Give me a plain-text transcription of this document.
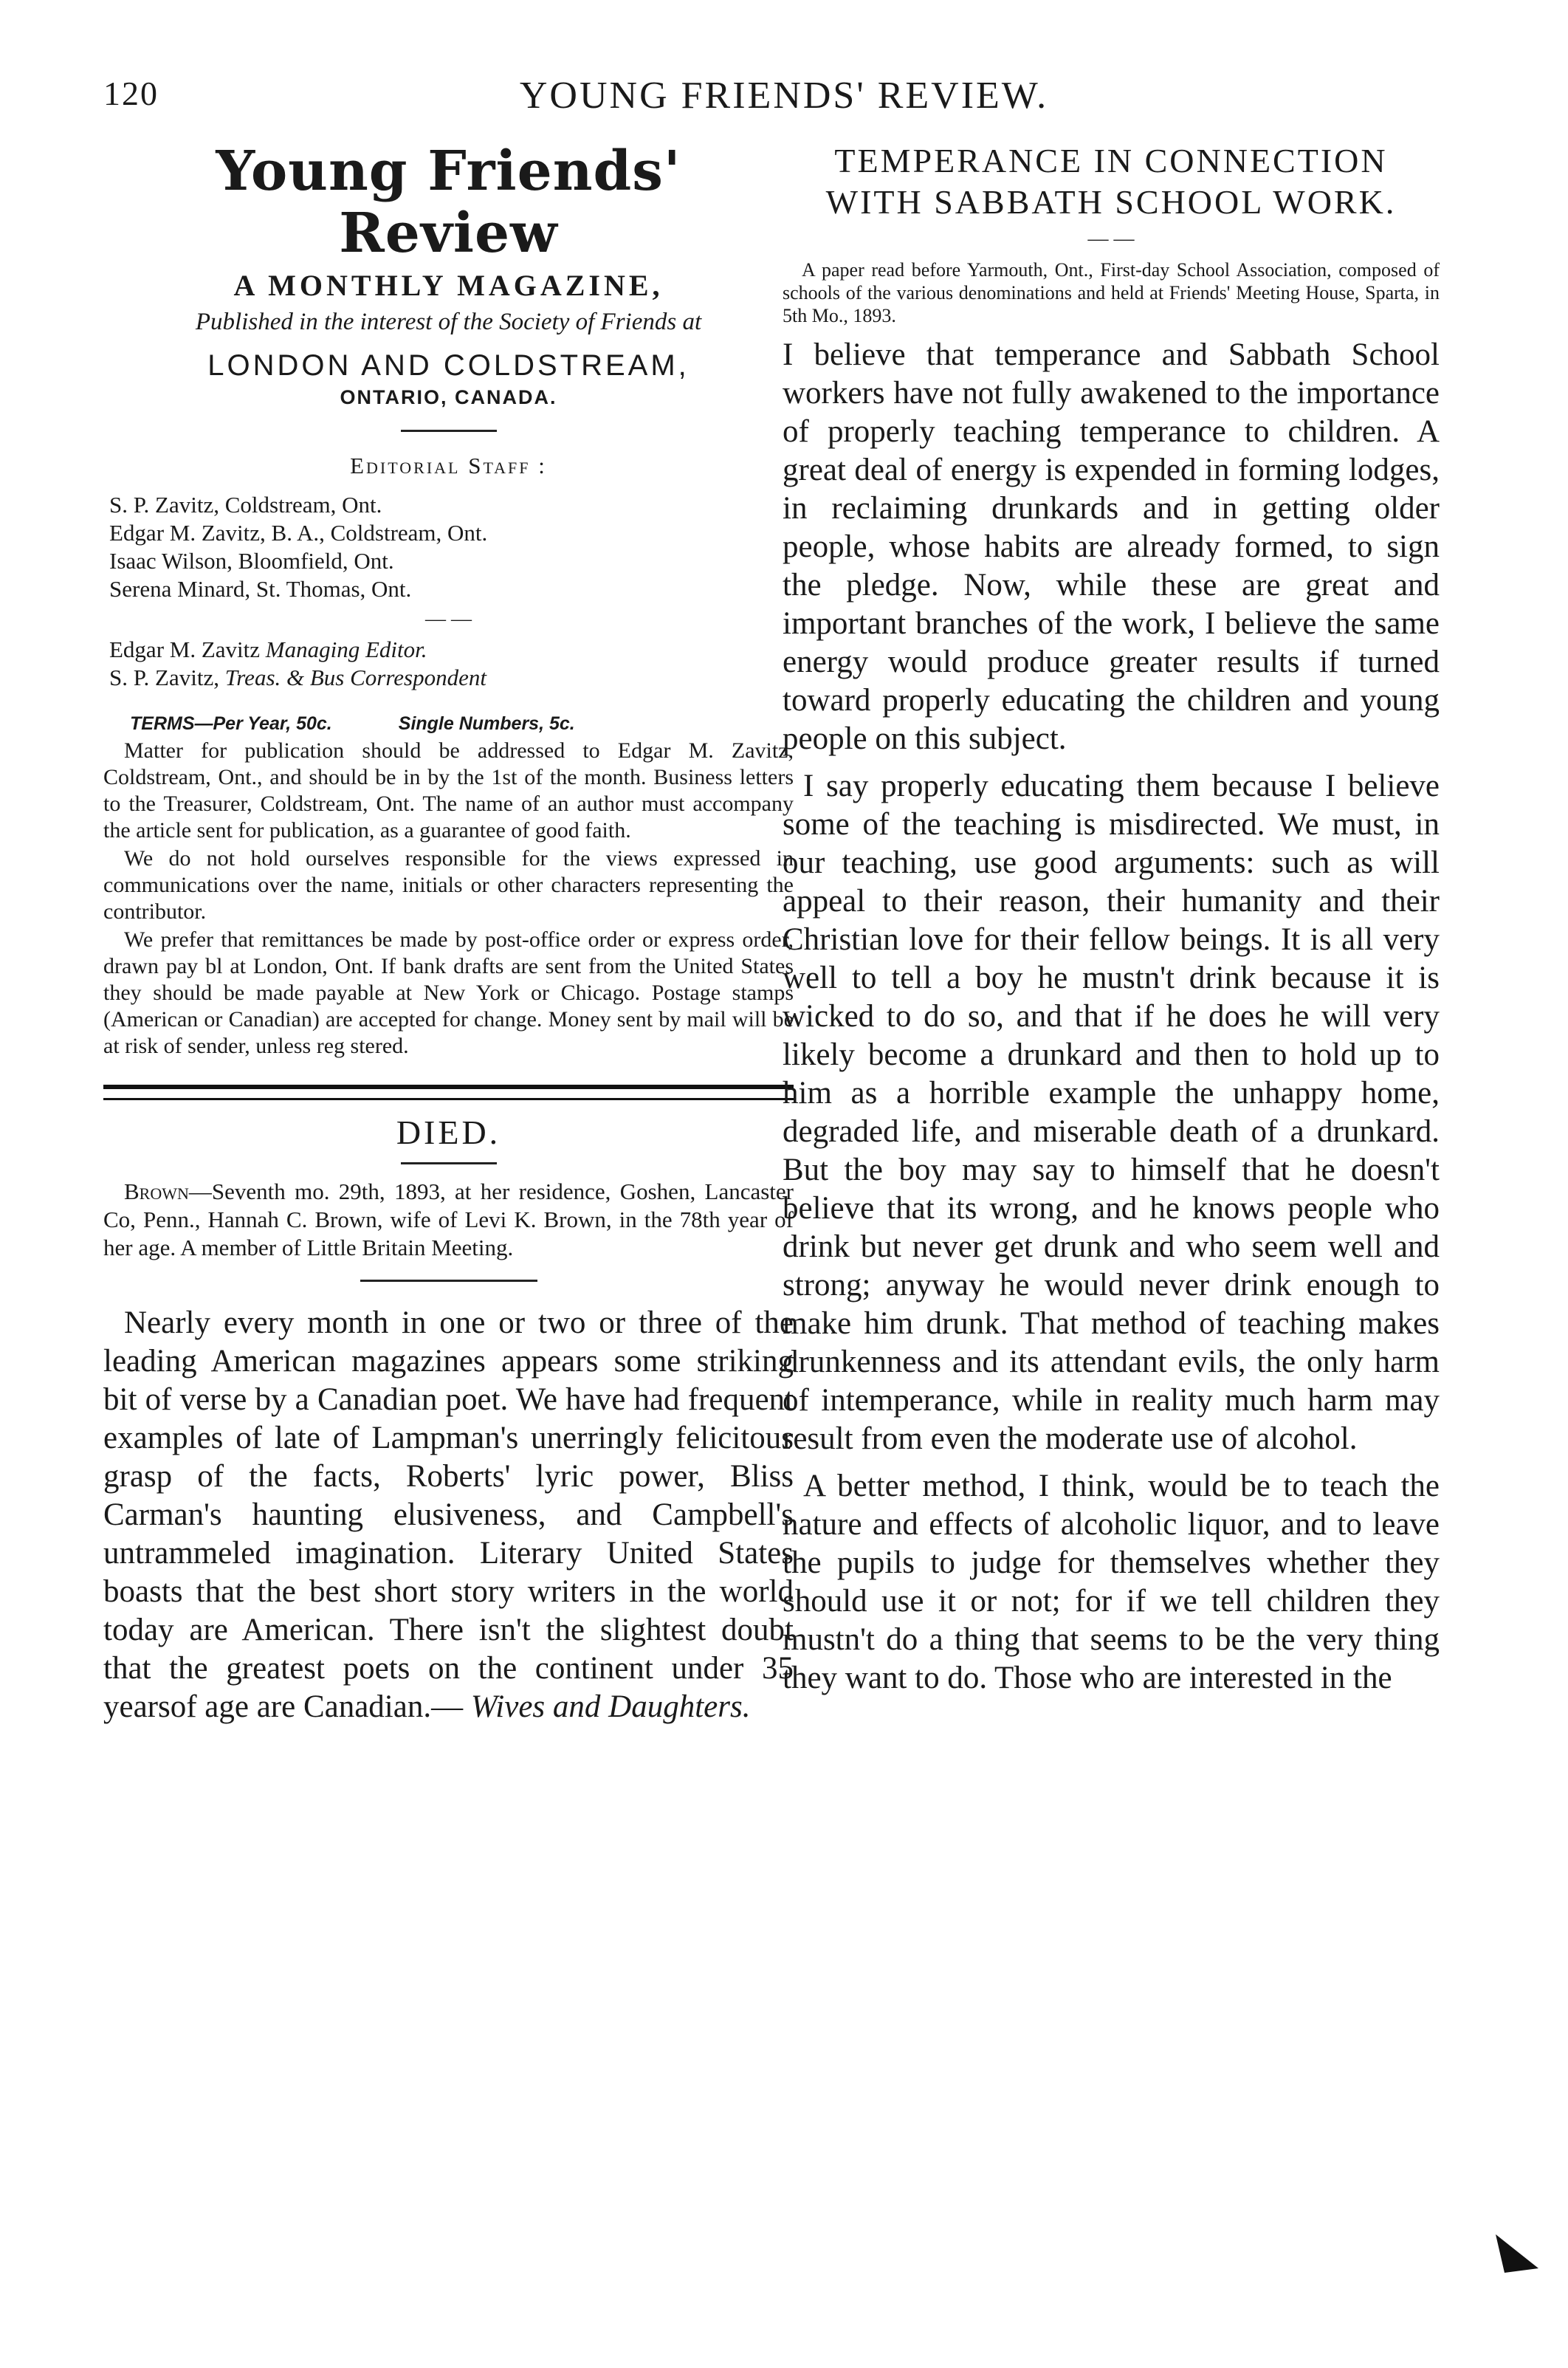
120	YOUNG FRIENDS' REVIEW.
Young Friends' Review
A MONTHLY MAGAZINE,
Published in the interest of the Society of Friends at
LONDON AND COLDSTREAM,
ONTARIO, CANADA.
Editorial Staff :
S. P. Zavitz, Coldstream, Ont.
Edgar M. Zavitz, B. A., Coldstream, Ont.
Isaac Wilson, Bloomfield, Ont.
Serena Minard, St. Thomas, Ont.
— —
Edgar M. Zavitz Managing Editor.
S. P. Zavitz, Treas. & Bus Correspondent
TERMS—Per Year, 50c.	Single Numbers, 5c.
Matter for publication should be addressed to Edgar M. Zavitz, Coldstream, Ont., and should be in by the 1st of the month. Business letters to the Treasurer, Coldstream, Ont. The name of an author must accompany the article sent for publication, as a guarantee of good faith.
We do not hold ourselves responsible for the views expressed in communications over the name, initials or other characters representing the contributor.
We prefer that remittances be made by post-office order or express order, drawn pay bl at London, Ont. If bank drafts are sent from the United States they should be made payable at New York or Chicago. Postage stamps (American or Canadian) are accepted for change. Money sent by mail will be at risk of sender, unless reg stered.
DIED.
Brown—Seventh mo. 29th, 1893, at her residence, Goshen, Lancaster Co, Penn., Hannah C. Brown, wife of Levi K. Brown, in the 78th year of her age. A member of Little Britain Meeting.
Nearly every month in one or two or three of the leading American magazines appears some striking bit of verse by a Canadian poet. We have had frequent examples of late of Lampman's unerringly felicitous grasp of the facts, Roberts' lyric power, Bliss Carman's haunting elusiveness, and Campbell's untrammeled imagination. Literary United States boasts that the best short story writers in the world today are American. There isn't the slightest doubt that the greatest poets on the continent under 35 yearsof age are Canadian.— Wives and Daughters.
TEMPERANCE IN CONNECTION WITH SABBATH SCHOOL WORK.
— —
A paper read before Yarmouth, Ont., First-day School Association, composed of schools of the various denominations and held at Friends' Meeting House, Sparta, in 5th Mo., 1893.
I believe that temperance and Sabbath School workers have not fully awakened to the importance of properly teaching temperance to children. A great deal of energy is expended in forming lodges, in reclaiming drunkards and in getting older people, whose habits are already formed, to sign the pledge. Now, while these are great and important branches of the work, I believe the same energy would produce greater results if turned toward properly educating the children and young people on this subject.
I say properly educating them because I believe some of the teaching is misdirected. We must, in our teaching, use good arguments: such as will appeal to their reason, their humanity and their Christian love for their fellow beings. It is all very well to tell a boy he mustn't drink because it is wicked to do so, and that if he does he will very likely become a drunkard and then to hold up to him as a horrible example the unhappy home, degraded life, and miserable death of a drunkard. But the boy may say to himself that he doesn't believe that its wrong, and he knows people who drink but never get drunk and who seem well and strong; anyway he would never drink enough to make him drunk. That method of teaching makes drunkenness and its attendant evils, the only harm of intemperance, while in reality much harm may result from even the moderate use of alcohol.
A better method, I think, would be to teach the nature and effects of alcoholic liquor, and to leave the pupils to judge for themselves whether they should use it or not; for if we tell children they mustn't do a thing that seems to be the very thing they want to do. Those who are interested in the
